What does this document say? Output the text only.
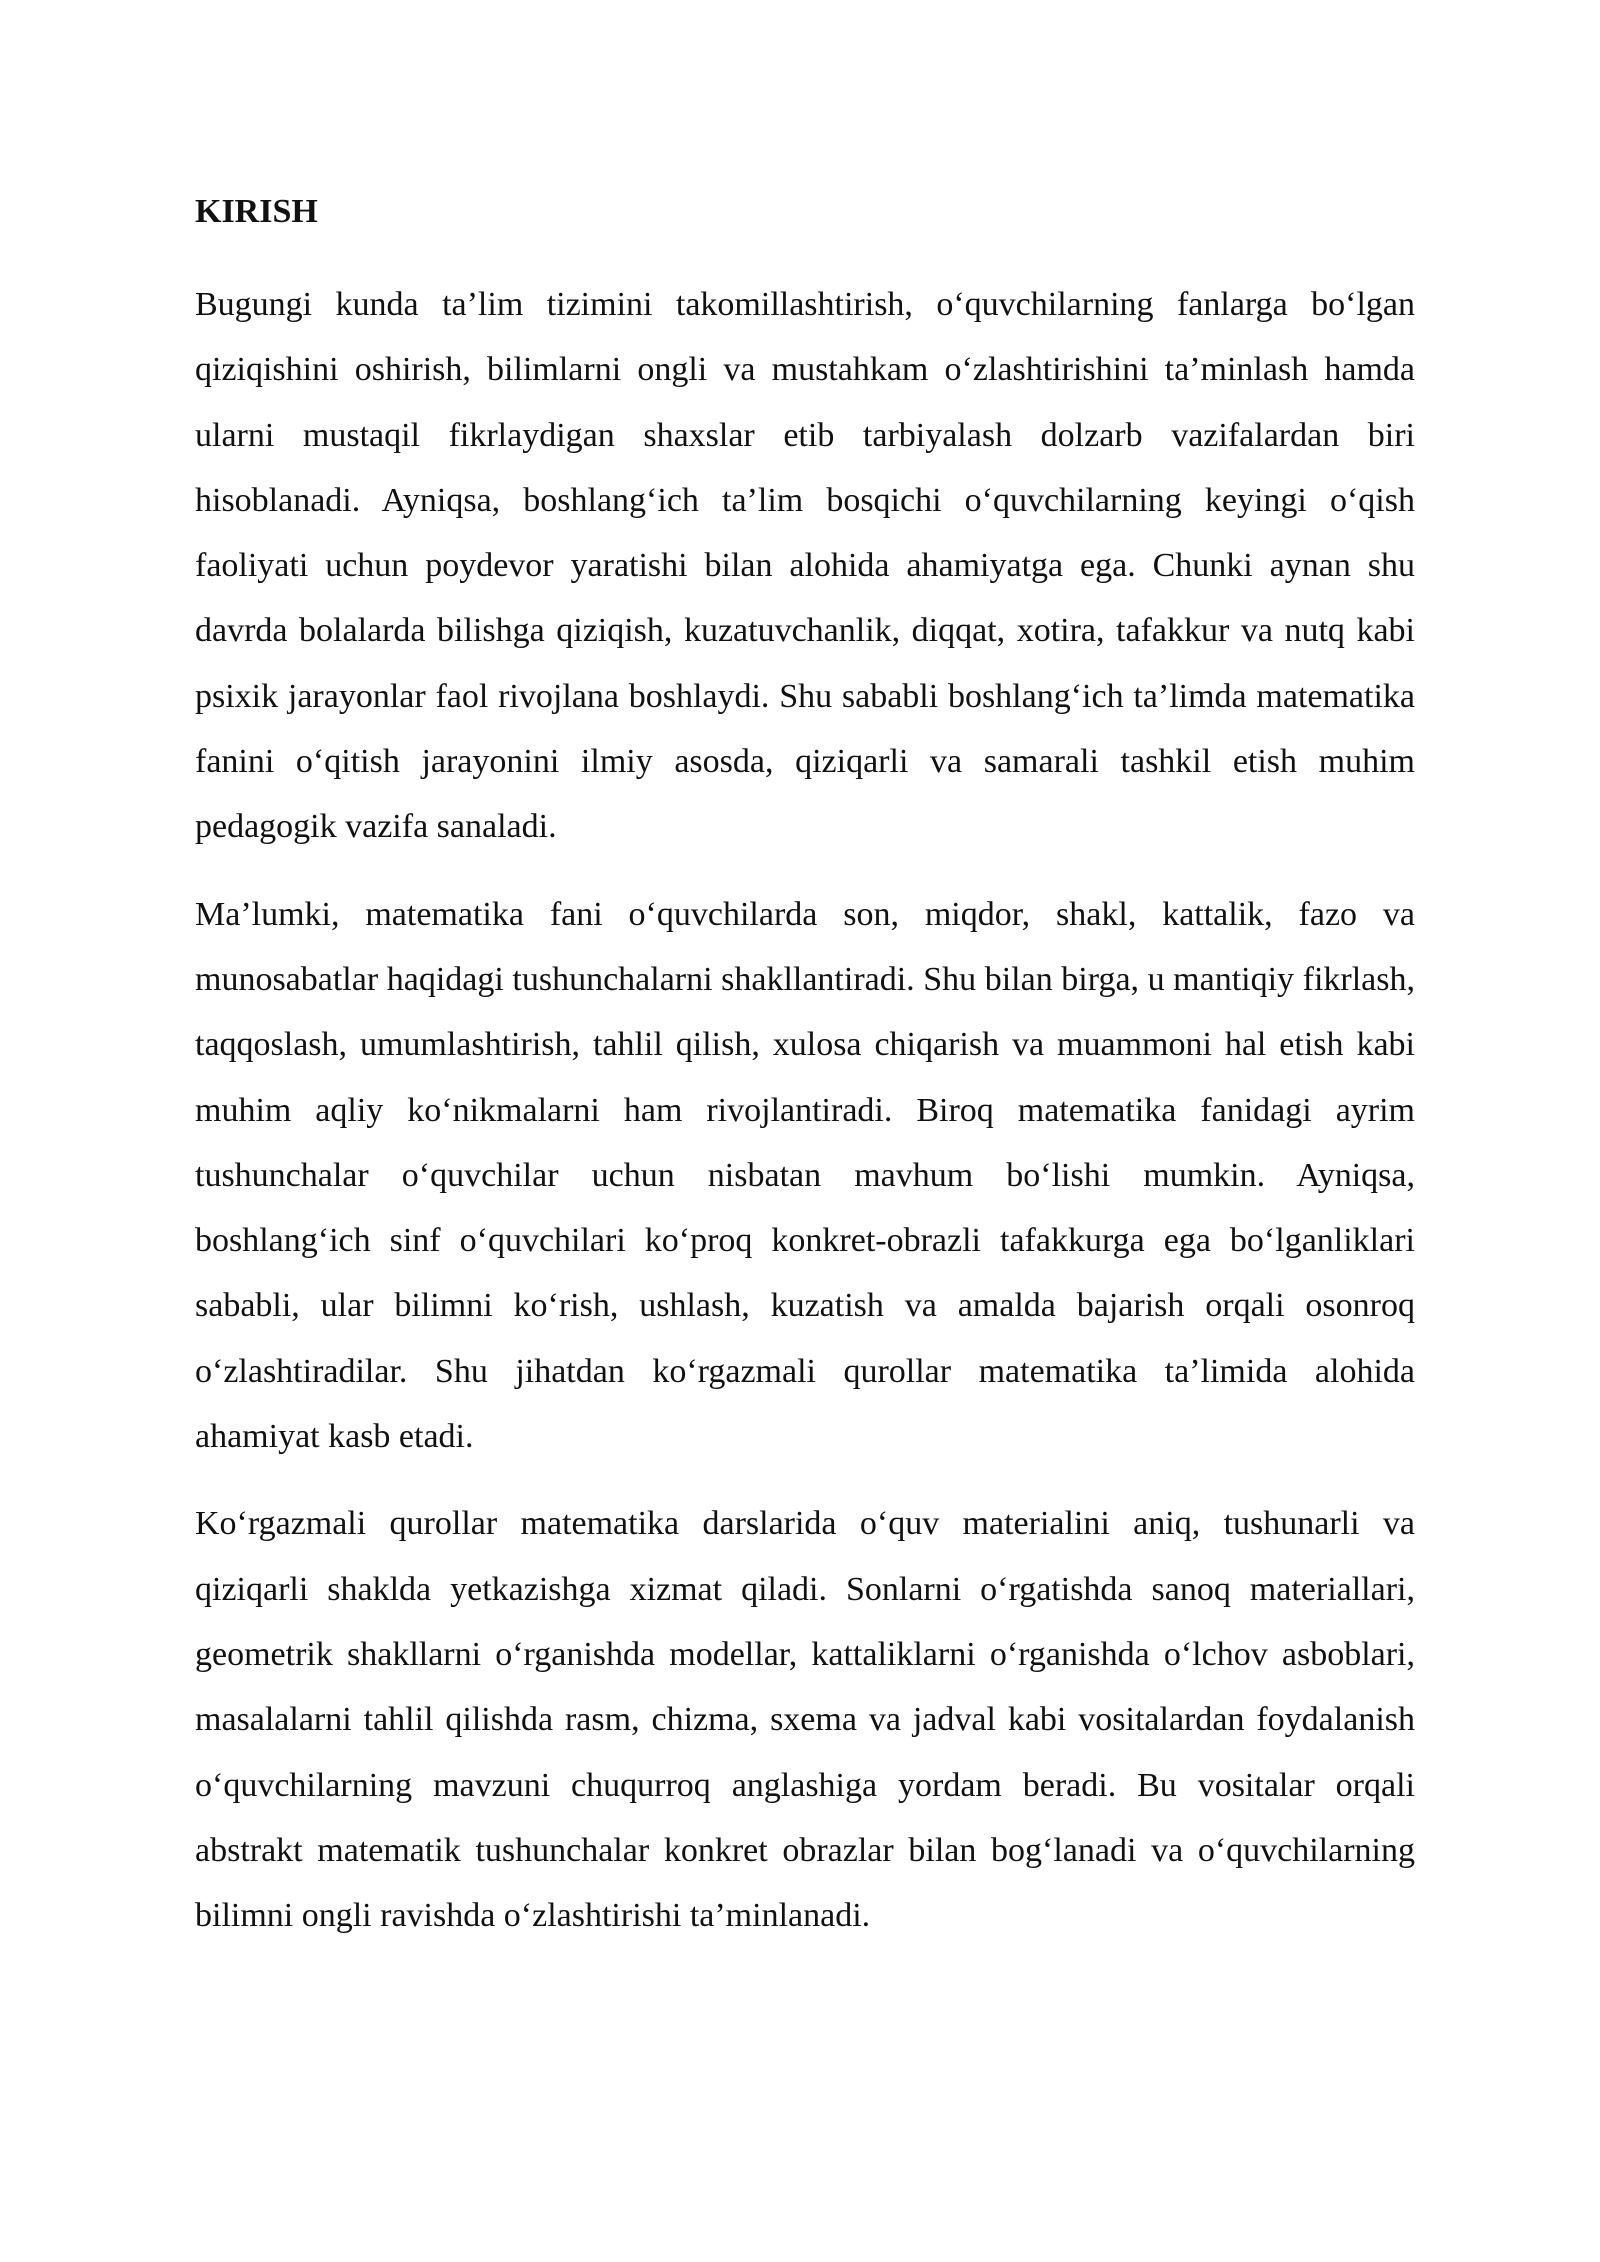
KIRISH

Bugungi kunda ta’lim tizimini takomillashtirish, o‘quvchilarning fanlarga bo‘lgan qiziqishini oshirish, bilimlarni ongli va mustahkam o‘zlashtirishini ta’minlash hamda ularni mustaqil fikrlaydigan shaxslar etib tarbiyalash dolzarb vazifalardan biri hisoblanadi. Ayniqsa, boshlang‘ich ta’lim bosqichi o‘quvchilarning keyingi o‘qish faoliyati uchun poydevor yaratishi bilan alohida ahamiyatga ega. Chunki aynan shu davrda bolalarda bilishga qiziqish, kuzatuvchanlik, diqqat, xotira, tafakkur va nutq kabi psixik jarayonlar faol rivojlana boshlaydi. Shu sababli boshlang‘ich ta’limda matematika fanini o‘qitish jarayonini ilmiy asosda, qiziqarli va samarali tashkil etish muhim pedagogik vazifa sanaladi.

Ma’lumki, matematika fani o‘quvchilarda son, miqdor, shakl, kattalik, fazo va munosabatlar haqidagi tushunchalarni shakllantiradi. Shu bilan birga, u mantiqiy fikrlash, taqqoslash, umumlashtirish, tahlil qilish, xulosa chiqarish va muammoni hal etish kabi muhim aqliy ko‘nikmalarni ham rivojlantiradi. Biroq matematika fanidagi ayrim tushunchalar o‘quvchilar uchun nisbatan mavhum bo‘lishi mumkin. Ayniqsa, boshlang‘ich sinf o‘quvchilari ko‘proq konkret-obrazli tafakkurga ega bo‘lganliklari sababli, ular bilimni ko‘rish, ushlash, kuzatish va amalda bajarish orqali osonroq o‘zlashtiradilar. Shu jihatdan ko‘rgazmali qurollar matematika ta’limida alohida ahamiyat kasb etadi.

Ko‘rgazmali qurollar matematika darslarida o‘quv materialini aniq, tushunarli va qiziqarli shaklda yetkazishga xizmat qiladi. Sonlarni o‘rgatishda sanoq materiallari, geometrik shakllarni o‘rganishda modellar, kattaliklarni o‘rganishda o‘lchov asboblari, masalalarni tahlil qilishda rasm, chizma, sxema va jadval kabi vositalardan foydalanish o‘quvchilarning mavzuni chuqurroq anglashiga yordam beradi. Bu vositalar orqali abstrakt matematik tushunchalar konkret obrazlar bilan bog‘lanadi va o‘quvchilarning bilimni ongli ravishda o‘zlashtirishi ta’minlanadi.
